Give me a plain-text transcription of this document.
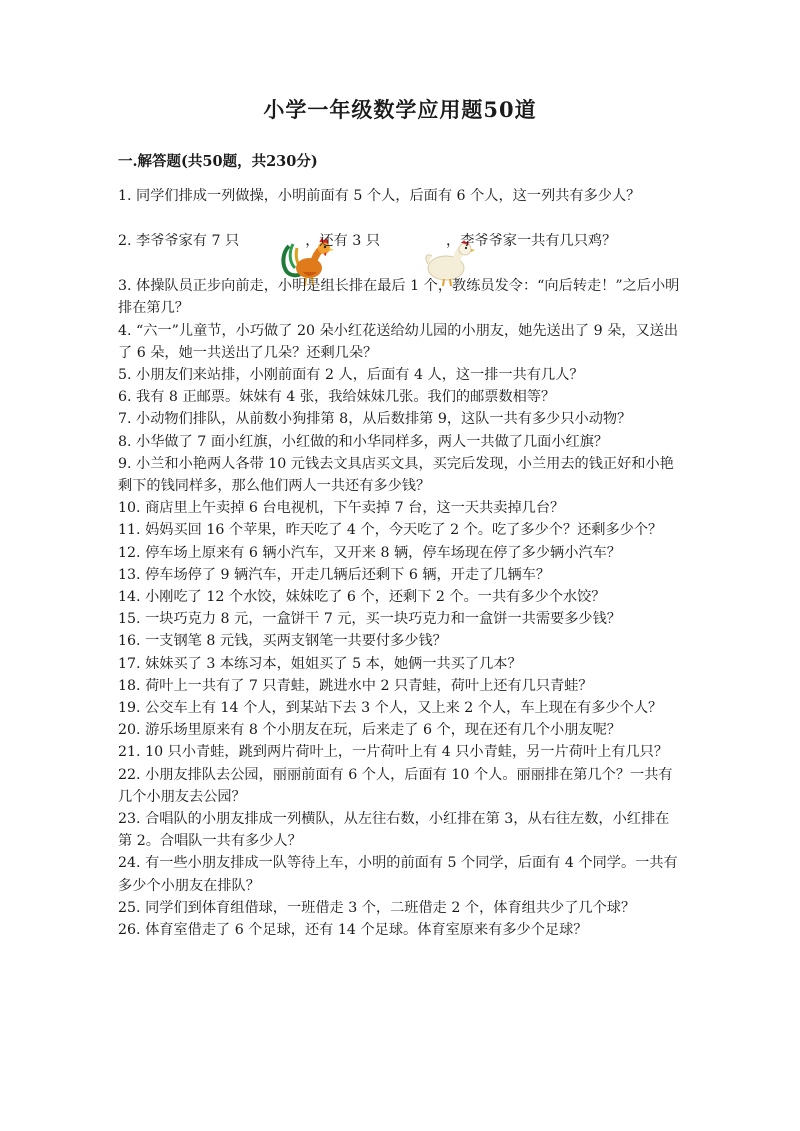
小学一年级数学应用题50道
一.解答题(共50题，共230分)

1. 同学们排成一列做操，小明前面有 5 个人，后面有 6 个人，这一列共有多少人？

2. 李爷爷家有 7 只

	，还有 3 只

	，李爷爷家一共有几只鸡？

3. 体操队员正步向前走，小明是组长排在最后 1 个，教练员发令：“向后转走！”之后小明排在第几？

4. “六一”儿童节，小巧做了 20 朵小红花送给幼儿园的小朋友，她先送出了 9 朵，又送出了 6 朵，她一共送出了几朵？还剩几朵？

5. 小朋友们来站排，小刚前面有 2 人，后面有 4 人，这一排一共有几人？

6. 我有 8 正邮票。妹妹有 4 张，我给妹妹几张。我们的邮票数相等？

7. 小动物们排队，从前数小狗排第 8，从后数排第 9，这队一共有多少只小动物？

8. 小华做了 7 面小红旗，小红做的和小华同样多，两人一共做了几面小红旗？

9. 小兰和小艳两人各带 10 元钱去文具店买文具，买完后发现，小兰用去的钱正好和小艳剩下的钱同样多，那么他们两人一共还有多少钱？

10. 商店里上午卖掉 6 台电视机，下午卖掉 7 台，这一天共卖掉几台？

11. 妈妈买回 16 个苹果，昨天吃了 4 个，今天吃了 2 个。吃了多少个？还剩多少个？

12. 停车场上原来有 6 辆小汽车，又开来 8 辆，停车场现在停了多少辆小汽车？

13. 停车场停了 9 辆汽车，开走几辆后还剩下 6 辆，开走了几辆车？

14. 小刚吃了 12 个水饺，妹妹吃了 6 个，还剩下 2 个。一共有多少个水饺？

15. 一块巧克力 8 元，一盒饼干 7 元，买一块巧克力和一盒饼一共需要多少钱？

16. 一支钢笔 8 元钱，买两支钢笔一共要付多少钱？

17. 妹妹买了 3 本练习本，姐姐买了 5 本，她俩一共买了几本？

18. 荷叶上一共有了 7 只青蛙，跳进水中 2 只青蛙，荷叶上还有几只青蛙？

19. 公交车上有 14 个人，到某站下去 3 个人，又上来 2 个人，车上现在有多少个人？

20. 游乐场里原来有 8 个小朋友在玩，后来走了 6 个，现在还有几个小朋友呢？

21. 10 只小青蛙，跳到两片荷叶上，一片荷叶上有 4 只小青蛙，另一片荷叶上有几只？

22. 小朋友排队去公园，丽丽前面有 6 个人，后面有 10 个人。丽丽排在第几个？一共有几个小朋友去公园？

23. 合唱队的小朋友排成一列横队，从左往右数，小红排在第 3，从右往左数，小红排在第 2。合唱队一共有多少人？

24. 有一些小朋友排成一队等待上车，小明的前面有 5 个同学，后面有 4 个同学。一共有多少个小朋友在排队？

25. 同学们到体育组借球，一班借走 3 个，二班借走 2 个，体育组共少了几个球？

26. 体育室借走了 6 个足球，还有 14 个足球。体育室原来有多少个足球？
